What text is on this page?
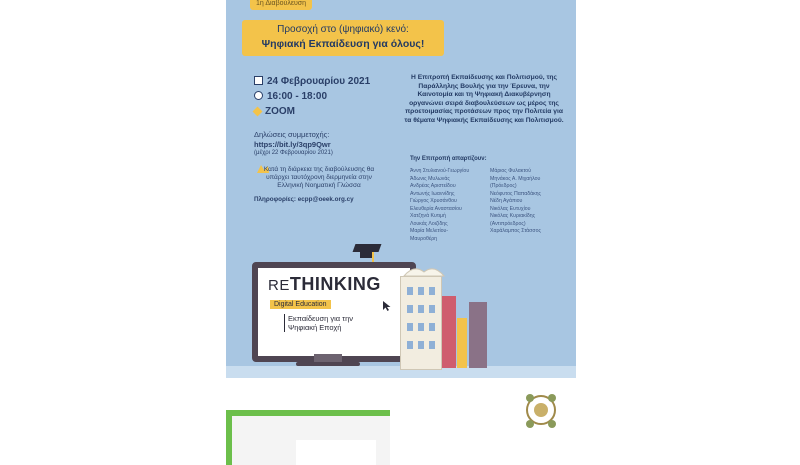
1η Διαβούλευση
Προσοχή στο (ψηφιακό) κενό:
Ψηφιακή Εκπαίδευση για όλους!
24 Φεβρουαρίου 2021
16:00 - 18:00
ZOOM
Δηλώσεις συμμετοχής:
https://bit.ly/3qp9Qwr
(μέχρι 22 Φεβρουαρίου 2021)
Κατά τη διάρκεια της διαβούλευσης θα υπάρχει ταυτόχρονη διερμηνεία στην Ελληνική Νοηματική Γλώσσα
Πληροφορίες: ecpp@oeek.org.cy
Η Επιτροπή Εκπαίδευσης και Πολιτισμού, της Παράλληλης Βουλής για την Έρευνα, την Καινοτομία και τη Ψηφιακή Διακυβέρνηση οργανώνει σειρά διαβουλεύσεων ως μέρος της προετοιμασίας προτάσεων προς την Πολιτεία για τα θέματα Ψηφιακής Εκπαίδευσης και Πολιτισμού.
Την Επιτροπή απαρτίζουν:
Άννη Στυλιανού-Γεωργίου
Άδωνις Μυλωνάς
Ανδρέας Αριστείδου
Αντωνής Ιωαννίδης
Γιώργος Χρυσάνθου
Ελευθερία Αναστασίου
Χατζηνά Κυτιμή
Λουκάς Λοιζίδης
Μαρία Μελετίου-
Μαυροθέρη
Μάριος Φυλακτού
Μηνάκος Α. Μιχαήλου
(Πρόεδρος)
Νεόφυτος Παπαδάκης
Νέδη Αγάπιου
Νικόλας Ευτυχίου
Νικόλας Κυριακίδης
(Αντιπρόεδρος)
Χαράλαμπος Στάσσος
RETHINKING
Digital Education
Εκπαίδευση για την
Ψηφιακή Εποχή
